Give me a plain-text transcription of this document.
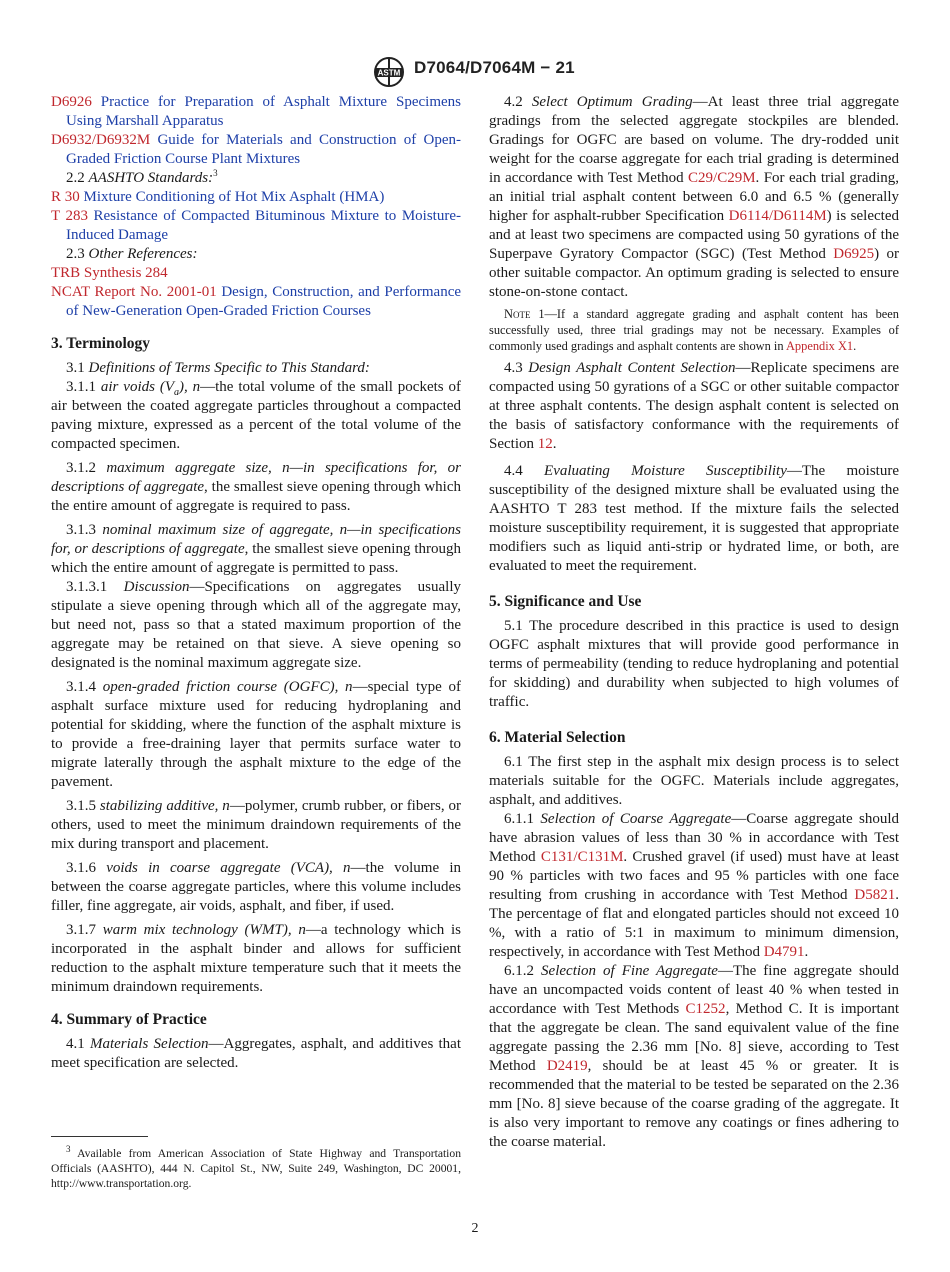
ASTM D7064/D7064M − 21
D6926 Practice for Preparation of Asphalt Mixture Specimens Using Marshall Apparatus
D6932/D6932M Guide for Materials and Construction of Open-Graded Friction Course Plant Mixtures
2.2 AASHTO Standards:$^3$
R 30 Mixture Conditioning of Hot Mix Asphalt (HMA)
T 283 Resistance of Compacted Bituminous Mixture to Moisture-Induced Damage
2.3 Other References:
TRB Synthesis 284
NCAT Report No. 2001-01 Design, Construction, and Performance of New-Generation Open-Graded Friction Courses
3. Terminology
3.1 Definitions of Terms Specific to This Standard:
3.1.1 air voids $(V_a)$, n—the total volume of the small pockets of air between the coated aggregate particles throughout a compacted paving mixture, expressed as a percent of the total volume of the compacted specimen.
3.1.2 maximum aggregate size, n—in specifications for, or descriptions of aggregate, the smallest sieve opening through which the entire amount of aggregate is required to pass.
3.1.3 nominal maximum size of aggregate, n—in specifications for, or descriptions of aggregate, the smallest sieve opening through which the entire amount of aggregate is permitted to pass.
3.1.3.1 Discussion—Specifications on aggregates usually stipulate a sieve opening through which all of the aggregate may, but need not, pass so that a stated maximum proportion of the aggregate may be retained on that sieve. A sieve opening so designated is the nominal maximum aggregate size.
3.1.4 open-graded friction course (OGFC), n—special type of asphalt surface mixture used for reducing hydroplaning and potential for skidding, where the function of the asphalt mixture is to provide a free-draining layer that permits surface water to migrate laterally through the asphalt mixture to the edge of the pavement.
3.1.5 stabilizing additive, n—polymer, crumb rubber, or fibers, or others, used to meet the minimum draindown requirements of the mix during transport and placement.
3.1.6 voids in coarse aggregate (VCA), n—the volume in between the coarse aggregate particles, where this volume includes filler, fine aggregate, air voids, asphalt, and fiber, if used.
3.1.7 warm mix technology (WMT), n—a technology which is incorporated in the asphalt binder and allows for sufficient reduction to the asphalt mixture temperature such that it meets the minimum draindown requirements.
4. Summary of Practice
4.1 Materials Selection—Aggregates, asphalt, and additives that meet specification are selected.
4.2 Select Optimum Grading—At least three trial aggregate gradings from the selected aggregate stockpiles are blended. Gradings for OGFC are based on volume. The dry-rodded unit weight for the coarse aggregate for each trial grading is determined in accordance with Test Method C29/C29M. For each trial grading, an initial trial asphalt content between 6.0 and 6.5 % (generally higher for asphalt-rubber Specification D6114/D6114M) is selected and at least two specimens are compacted using 50 gyrations of the Superpave Gyratory Compactor (SGC) (Test Method D6925) or other suitable compactor. An optimum grading is selected to ensure stone-on-stone contact.
Note 1—If a standard aggregate grading and asphalt content has been successfully used, three trial gradings may not be necessary. Examples of commonly used gradings and asphalt contents are shown in Appendix X1.
4.3 Design Asphalt Content Selection—Replicate specimens are compacted using 50 gyrations of a SGC or other suitable compactor at three asphalt contents. The design asphalt content is selected on the basis of satisfactory conformance with the requirements of Section 12.
4.4 Evaluating Moisture Susceptibility—The moisture susceptibility of the designed mixture shall be evaluated using the AASHTO T 283 test method. If the mixture fails the selected moisture susceptibility requirement, it is suggested that appropriate modifiers such as liquid anti-strip or hydrated lime, or both, are evaluated to meet the requirement.
5. Significance and Use
5.1 The procedure described in this practice is used to design OGFC asphalt mixtures that will provide good performance in terms of permeability (tending to reduce hydroplaning and potential for skidding) and durability when subjected to high volumes of traffic.
6. Material Selection
6.1 The first step in the asphalt mix design process is to select materials suitable for the OGFC. Materials include aggregates, asphalt, and additives.
6.1.1 Selection of Coarse Aggregate—Coarse aggregate should have abrasion values of less than 30 % in accordance with Test Method C131/C131M. Crushed gravel (if used) must have at least 90 % particles with two faces and 95 % particles with one face resulting from crushing in accordance with Test Method D5821. The percentage of flat and elongated particles should not exceed 10 %, with a ratio of 5:1 in maximum to minimum dimension, respectively, in accordance with Test Method D4791.
6.1.2 Selection of Fine Aggregate—The fine aggregate should have an uncompacted voids content of least 40 % when tested in accordance with Test Methods C1252, Method C. It is important that the aggregate be clean. The sand equivalent value of the fine aggregate passing the 2.36 mm [No. 8] sieve, according to Test Method D2419, should be at least 45 % or greater. It is recommended that the material to be tested be separated on the 2.36 mm [No. 8] sieve because of the coarse grading of the aggregate. It is also very important to remove any coatings or fines adhering to the coarse material.
$^3$ Available from American Association of State Highway and Transportation Officials (AASHTO), 444 N. Capitol St., NW, Suite 249, Washington, DC 20001, http://www.transportation.org.
2
